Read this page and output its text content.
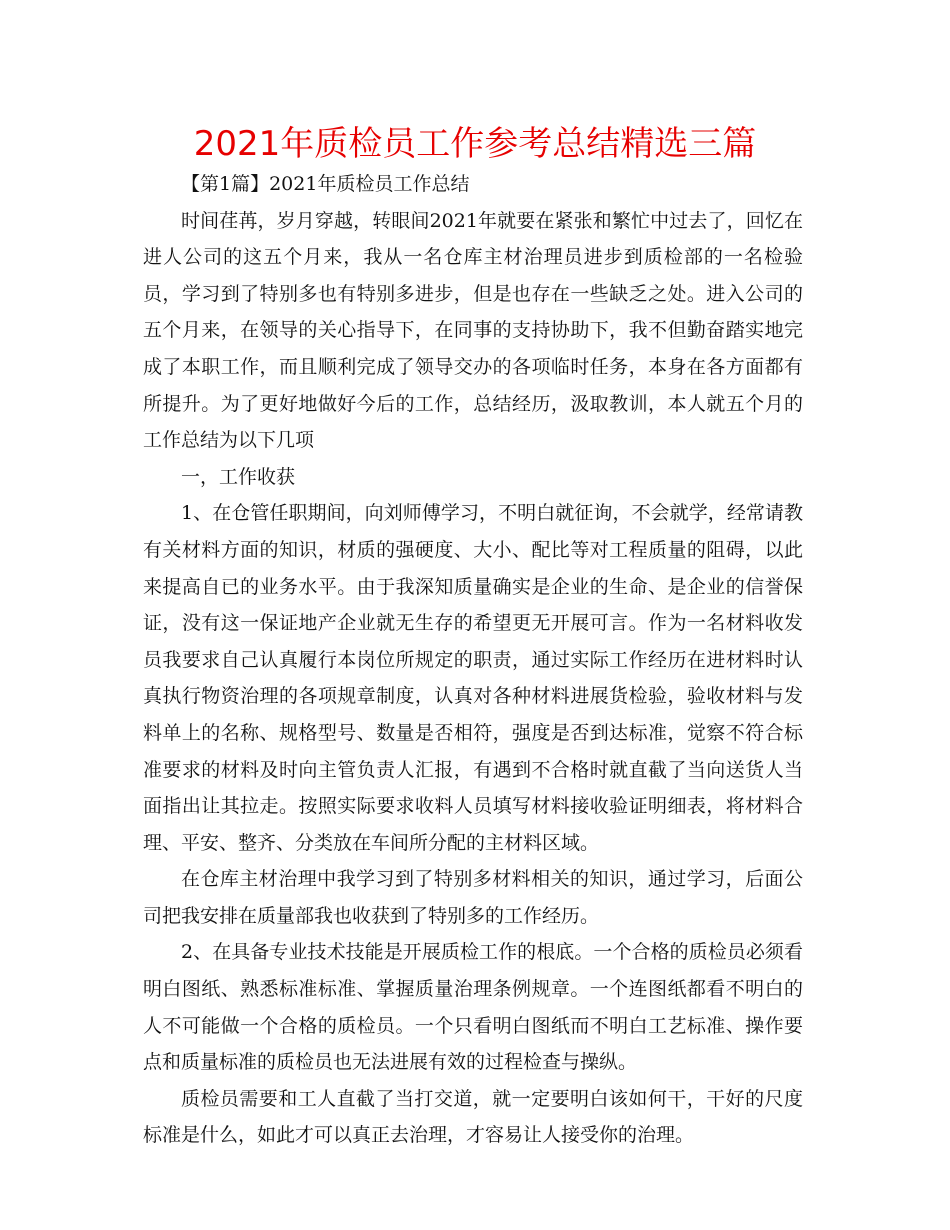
2021年质检员工作参考总结精选三篇

【第1篇】2021年质检员工作总结

时间荏苒，岁月穿越，转眼间2021年就要在紧张和繁忙中过去了，回忆在进人公司的这五个月来，我从一名仓库主材治理员进步到质检部的一名检验员，学习到了特别多也有特别多进步，但是也存在一些缺乏之处。进入公司的五个月来，在领导的关心指导下，在同事的支持协助下，我不但勤奋踏实地完成了本职工作，而且顺利完成了领导交办的各项临时任务，本身在各方面都有所提升。为了更好地做好今后的工作，总结经历，汲取教训，本人就五个月的工作总结为以下几项

一，工作收获

1、在仓管任职期间，向刘师傅学习，不明白就征询，不会就学，经常请教有关材料方面的知识，材质的强硬度、大小、配比等对工程质量的阻碍，以此来提高自已的业务水平。由于我深知质量确实是企业的生命、是企业的信誉保证，没有这一保证地产企业就无生存的希望更无开展可言。作为一名材料收发员我要求自己认真履行本岗位所规定的职责，通过实际工作经历在进材料时认真执行物资治理的各项规章制度，认真对各种材料进展货检验，验收材料与发料单上的名称、规格型号、数量是否相符，强度是否到达标准，觉察不符合标准要求的材料及时向主管负责人汇报，有遇到不合格时就直截了当向送货人当面指出让其拉走。按照实际要求收料人员填写材料接收验证明细表，将材料合理、平安、整齐、分类放在车间所分配的主材料区域。

在仓库主材治理中我学习到了特别多材料相关的知识，通过学习，后面公司把我安排在质量部我也收获到了特别多的工作经历。

2、在具备专业技术技能是开展质检工作的根底。一个合格的质检员必须看明白图纸、熟悉标准标准、掌握质量治理条例规章。一个连图纸都看不明白的人不可能做一个合格的质检员。一个只看明白图纸而不明白工艺标准、操作要点和质量标准的质检员也无法进展有效的过程检查与操纵。

质检员需要和工人直截了当打交道，就一定要明白该如何干，干好的尺度标准是什么，如此才可以真正去治理，才容易让人接受你的治理。
